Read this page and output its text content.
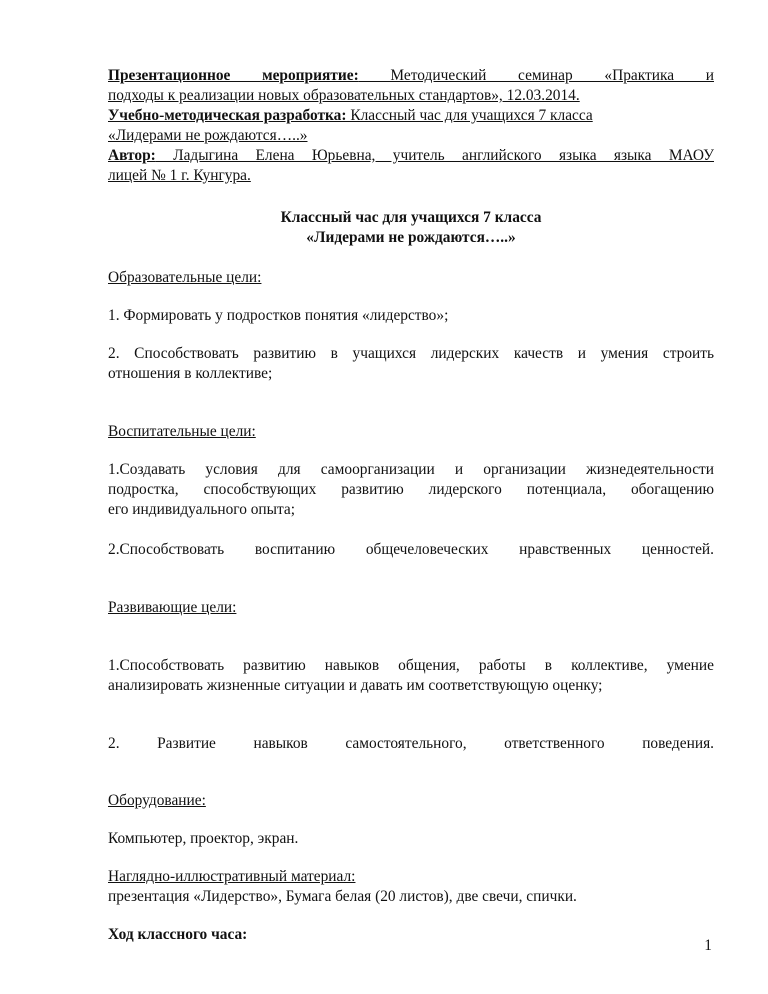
Презентационное мероприятие: Методический семинар «Практика и

подходы к реализации новых образовательных стандартов», 12.03.2014.

Учебно-методическая разработка: Классный час для учащихся 7 класса

«Лидерами не рождаются…..»

Автор: Ладыгина Елена Юрьевна, учитель английского языка языка МАОУ

лицей № 1 г. Кунгура.

Классный час для учащихся 7 класса

«Лидерами не рождаются…..»

Образовательные цели:

1. Формировать у подростков понятия «лидерство»;

2. Способствовать развитию в учащихся лидерских качеств и умения строить

отношения в коллективе;

Воспитательные цели:

1.Создавать условия для самоорганизации и организации жизнедеятельности

подростка, способствующих развитию лидерского потенциала, обогащению

его индивидуального опыта;

2.Способствовать воспитанию общечеловеческих нравственных ценностей.

Развивающие цели:

1.Способствовать развитию навыков общения, работы в коллективе, умение

анализировать жизненные ситуации и давать им соответствующую оценку;

2. Развитие навыков самостоятельного, ответственного поведения.

Оборудование:

Компьютер, проектор, экран.

Наглядно-иллюстративный материал:

презентация «Лидерство», Бумага белая (20 листов), две свечи, спички.

Ход классного часа:

1
